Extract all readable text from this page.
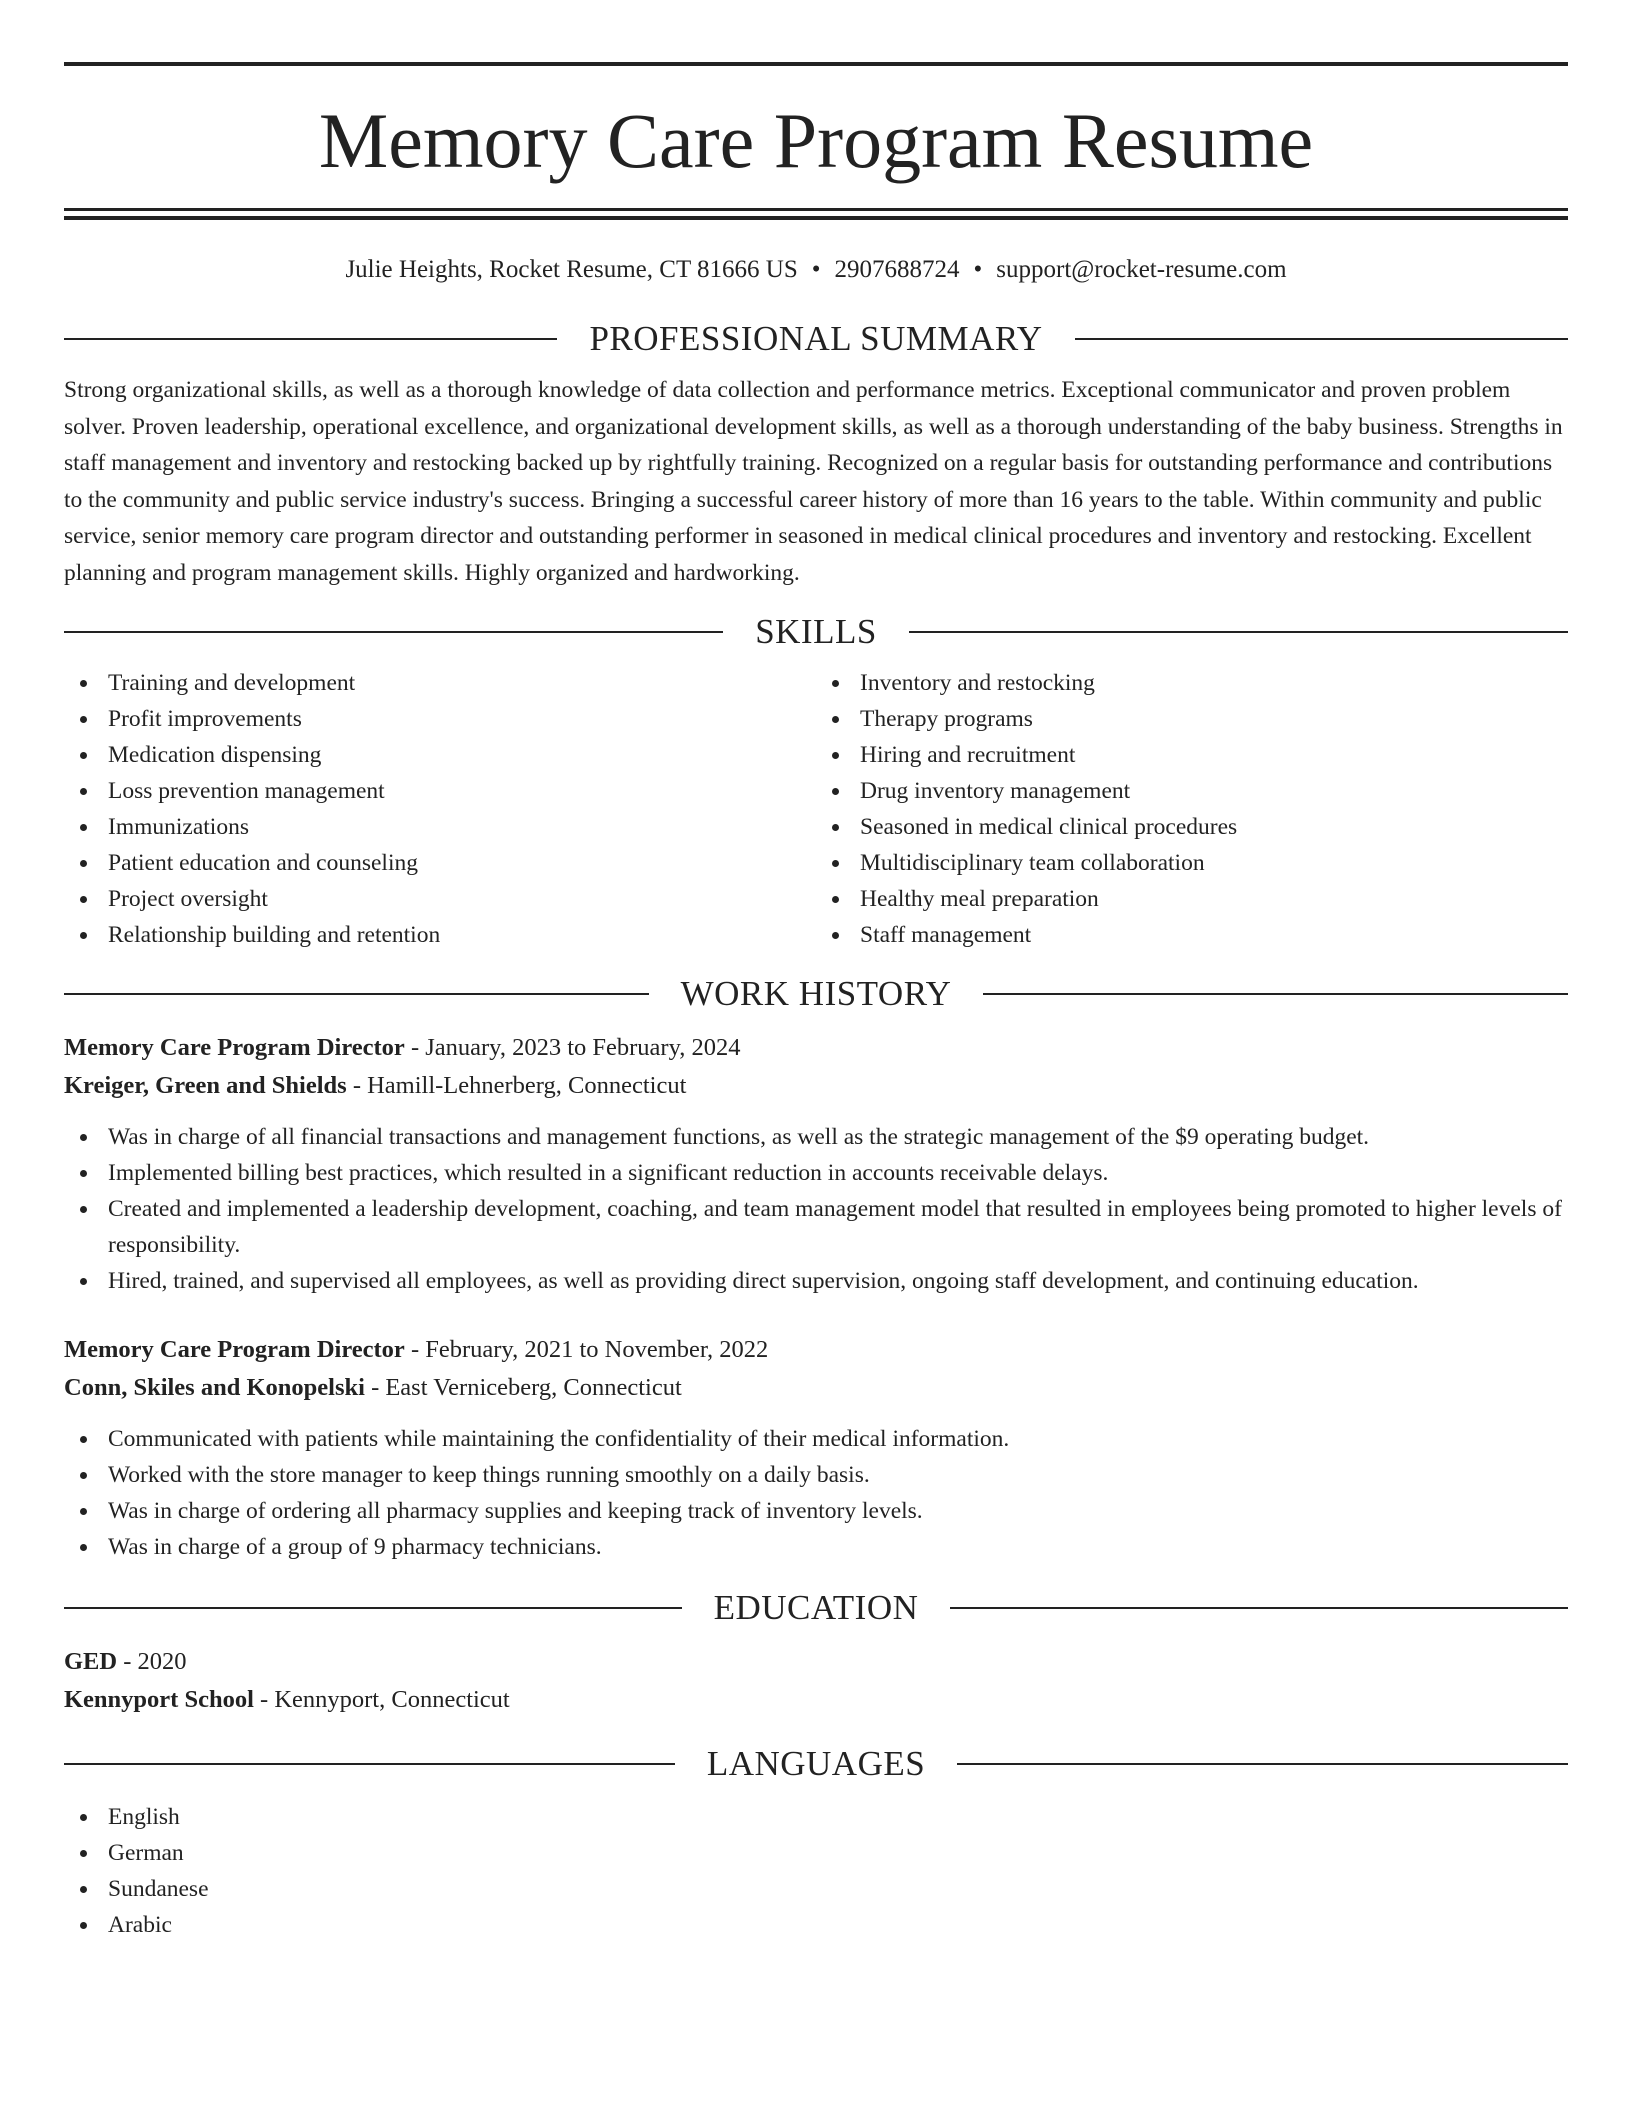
Memory Care Program Resume
Julie Heights, Rocket Resume, CT 81666 US • 2907688724 • support@rocket-resume.com
PROFESSIONAL SUMMARY
Strong organizational skills, as well as a thorough knowledge of data collection and performance metrics. Exceptional communicator and proven problem solver. Proven leadership, operational excellence, and organizational development skills, as well as a thorough understanding of the baby business. Strengths in staff management and inventory and restocking backed up by rightfully training. Recognized on a regular basis for outstanding performance and contributions to the community and public service industry's success. Bringing a successful career history of more than 16 years to the table. Within community and public service, senior memory care program director and outstanding performer in seasoned in medical clinical procedures and inventory and restocking. Excellent planning and program management skills. Highly organized and hardworking.
SKILLS
Training and development
Profit improvements
Medication dispensing
Loss prevention management
Immunizations
Patient education and counseling
Project oversight
Relationship building and retention
Inventory and restocking
Therapy programs
Hiring and recruitment
Drug inventory management
Seasoned in medical clinical procedures
Multidisciplinary team collaboration
Healthy meal preparation
Staff management
WORK HISTORY
Memory Care Program Director - January, 2023 to February, 2024
Kreiger, Green and Shields - Hamill-Lehnerberg, Connecticut
Was in charge of all financial transactions and management functions, as well as the strategic management of the $9 operating budget.
Implemented billing best practices, which resulted in a significant reduction in accounts receivable delays.
Created and implemented a leadership development, coaching, and team management model that resulted in employees being promoted to higher levels of responsibility.
Hired, trained, and supervised all employees, as well as providing direct supervision, ongoing staff development, and continuing education.
Memory Care Program Director - February, 2021 to November, 2022
Conn, Skiles and Konopelski - East Verniceberg, Connecticut
Communicated with patients while maintaining the confidentiality of their medical information.
Worked with the store manager to keep things running smoothly on a daily basis.
Was in charge of ordering all pharmacy supplies and keeping track of inventory levels.
Was in charge of a group of 9 pharmacy technicians.
EDUCATION
GED - 2020
Kennyport School - Kennyport, Connecticut
LANGUAGES
English
German
Sundanese
Arabic
